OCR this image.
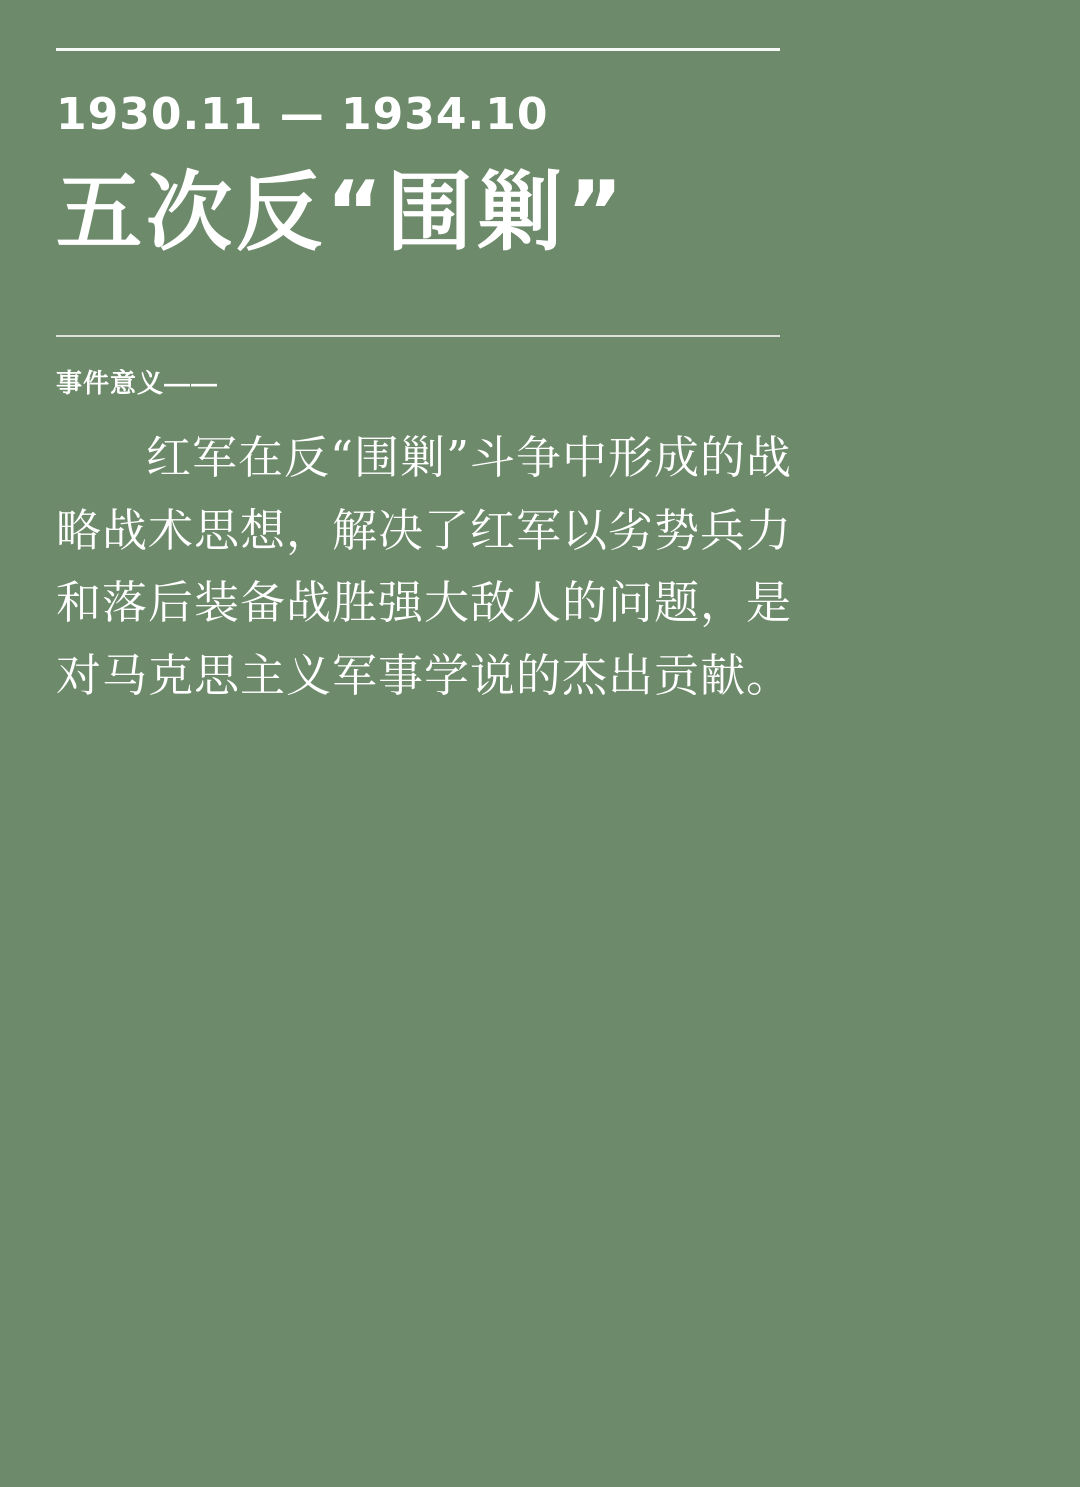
1930.11 — 1934.10
五次反“围剿”
事件意义——
红军在反“围剿”斗争中形成的战略战术思想，解决了红军以劣势兵力和落后装备战胜强大敌人的问题，是对马克思主义军事学说的杰出贡献。
